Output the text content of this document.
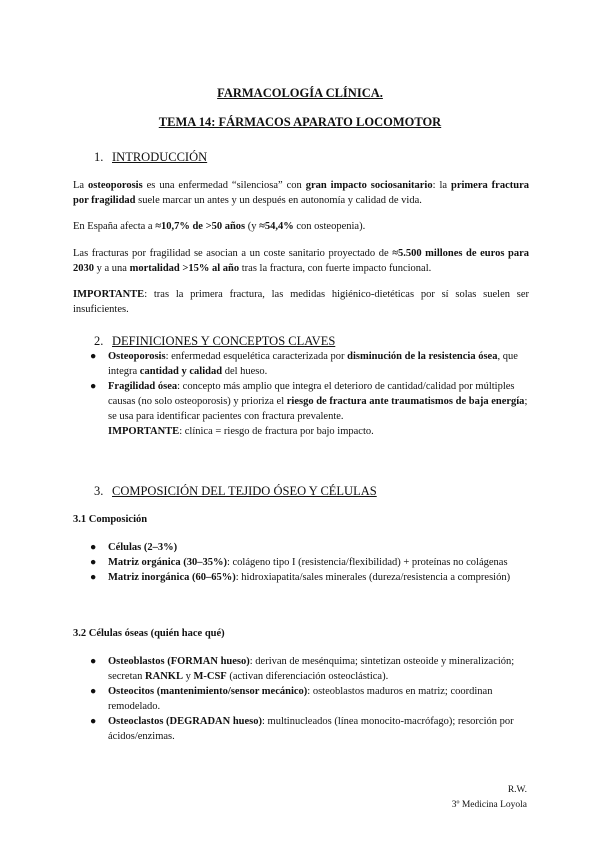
FARMACOLOGÍA CLÍNICA.
TEMA 14: FÁRMACOS APARATO LOCOMOTOR
1. INTRODUCCIÓN
La osteoporosis es una enfermedad “silenciosa” con gran impacto sociosanitario: la primera fractura por fragilidad suele marcar un antes y un después en autonomía y calidad de vida.
En España afecta a ≈10,7% de >50 años (y ≈54,4% con osteopenia).
Las fracturas por fragilidad se asocian a un coste sanitario proyectado de ≈5.500 millones de euros para 2030 y a una mortalidad >15% al año tras la fractura, con fuerte impacto funcional.
IMPORTANTE: tras la primera fractura, las medidas higiénico-dietéticas por sí solas suelen ser insuficientes.
2. DEFINICIONES Y CONCEPTOS CLAVES
● Osteoporosis: enfermedad esquelética caracterizada por disminución de la resistencia ósea, que integra cantidad y calidad del hueso.
● Fragilidad ósea: concepto más amplio que integra el deterioro de cantidad/calidad por múltiples causas (no solo osteoporosis) y prioriza el riesgo de fractura ante traumatismos de baja energía; se usa para identificar pacientes con fractura prevalente.
IMPORTANTE: clínica = riesgo de fractura por bajo impacto.
3. COMPOSICIÓN DEL TEJIDO ÓSEO Y CÉLULAS
3.1 Composición
● Células (2–3%)
● Matriz orgánica (30–35%): colágeno tipo I (resistencia/flexibilidad) + proteínas no colágenas
● Matriz inorgánica (60–65%): hidroxiapatita/sales minerales (dureza/resistencia a compresión)
3.2 Células óseas (quién hace qué)
● Osteoblastos (FORMAN hueso): derivan de mesénquima; sintetizan osteoide y mineralización; secretan RANKL y M-CSF (activan diferenciación osteoclástica).
● Osteocitos (mantenimiento/sensor mecánico): osteoblastos maduros en matriz; coordinan remodelado.
● Osteoclastos (DEGRADAN hueso): multinucleados (línea monocito-macrófago); resorción por ácidos/enzimas.
R.W.
3º Medicina Loyola
